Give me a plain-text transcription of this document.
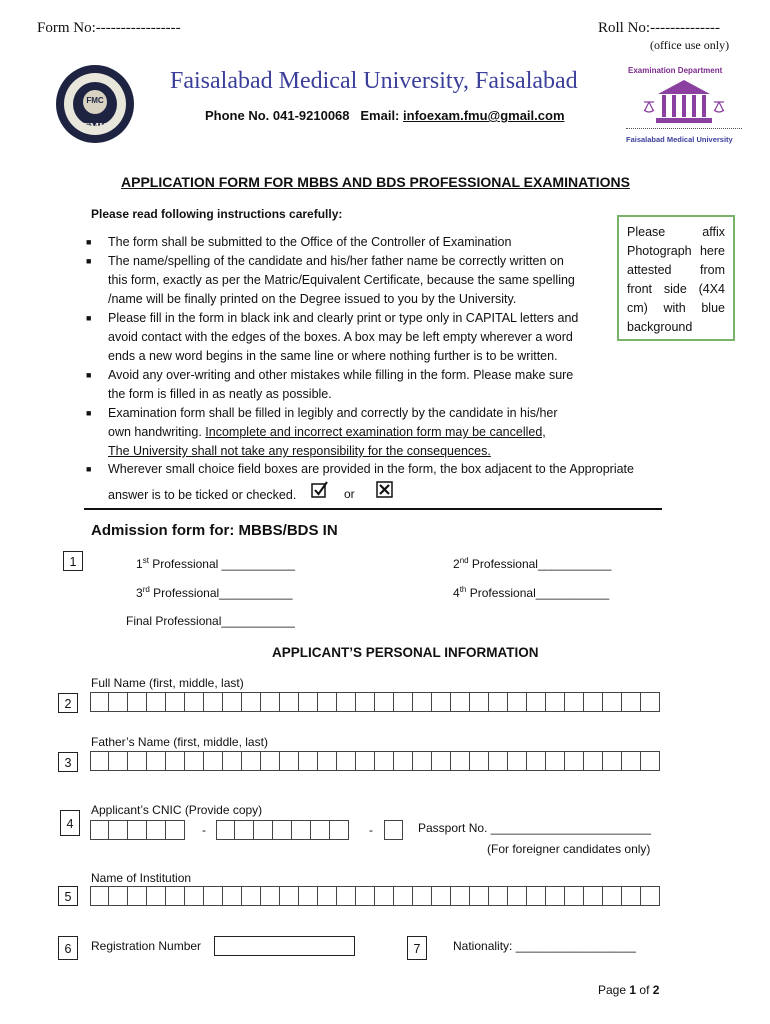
Form No:-----------------	Roll No:--------------
(office use only)
FMU
FMC
Faisalabad Medical University, Faisalabad
Phone No. 041-9210068 Email: infoexam.fmu@gmail.com
Examination Department
Faisalabad Medical University
APPLICATION FORM FOR MBBS AND BDS PROFESSIONAL EXAMINATIONS
Please read following instructions carefully:
■	The form shall be submitted to the Office of the Controller of Examination
■	The name/spelling of the candidate and his/her father name be correctly written on
this form, exactly as per the Matric/Equivalent Certificate, because the same spelling
/name will be finally printed on the Degree issued to you by the University.
■	Please fill in the form in black ink and clearly print or type only in CAPITAL letters and
avoid contact with the edges of the boxes. A box may be left empty wherever a word
ends a new word begins in the same line or where nothing further is to be written.
■	Avoid any over-writing and other mistakes while filling in the form. Please make sure
the form is filled in as neatly as possible.
■	Examination form shall be filled in legibly and correctly by the candidate in his/her
own handwriting. Incomplete and incorrect examination form may be cancelled,
The University shall not take any responsibility for the consequences.
■	Wherever small choice field boxes are provided in the form, the box adjacent to the Appropriate
answer is to be ticked or checked.	or
Please affix Photograph here attested from front side (4X4 cm) with blue background
Admission form for: MBBS/BDS IN
1	1st Professional ___________	2nd Professional___________
3rd Professional___________	4th Professional___________
Final Professional___________
APPLICANT’S PERSONAL INFORMATION
Full Name (first, middle, last)
2
Father’s Name (first, middle, last)
3
Applicant’s CNIC (Provide copy)
4	-	-	Passport No. ________________________
(For foreigner candidates only)
Name of Institution
5
6	Registration Number	7	Nationality: __________________
Page 1 of 2
